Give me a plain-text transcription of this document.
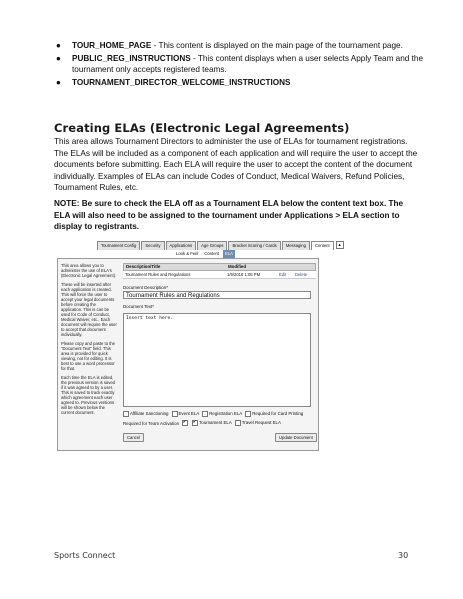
● TOUR_HOME_PAGE - This content is displayed on the main page of the tournament page.
● PUBLIC_REG_INSTRUCTIONS - This content displays when a user selects Apply Team and the tournament only accepts registered teams.
● TOURNAMENT_DIRECTOR_WELCOME_INSTRUCTIONS
Creating ELAs (Electronic Legal Agreements)

This area allows Tournament Directors to administer the use of ELAs for tournament registrations. The ELAs will be included as a component of each application and will require the user to accept the documents before submitting. Each ELA will require the user to accept the content of the document individually. Examples of ELAs can include Codes of Conduct, Medical Waivers, Refund Policies, Tournament Rules, etc.

NOTE: Be sure to check the ELA off as a Tournament ELA below the content text box. The ELA will also need to be assigned to the tournament under Applications > ELA section to display to registrants.

Tournament Config	Security	Applications	Age Groups	Bracket Scoring / Cards	Messaging	Content	▲
Look & Feel	Content	ELA

This area allows you to administer the use of ELA's (Electronic Legal Agreement).

These will be inserted after each application is created. This will force the user to accept your legal documents before creating the application. This is can be used for Code of Conduct, Medical Waiver, etc.. Each document will require the user to accept that document individually.

Please copy and paste to the "Document Text" field. This area is provided for quick viewing, not for editing. It is best to use a word processor for that.

Each time the ELA is edited, the previous version is saved if it was agreed to by a user. This is saved to track exactly which agreement each user agreed to. Previous versions will be shown below the current document.

Description/Title	Modified
Tournament Rules and Regulations	1/9/2018 1:05 PM	Edit	Delete
Document Description*
Tournament Rules and Regulations
Document Text*
Insert text here.
Affiliate Sanctioning	Event ELA	Registration ELA	Required for Card Printing
Required for Team Activation ✔ ✔	Tournament ELA	Travel Request ELA
Cancel	Update Document
Sports Connect	30
